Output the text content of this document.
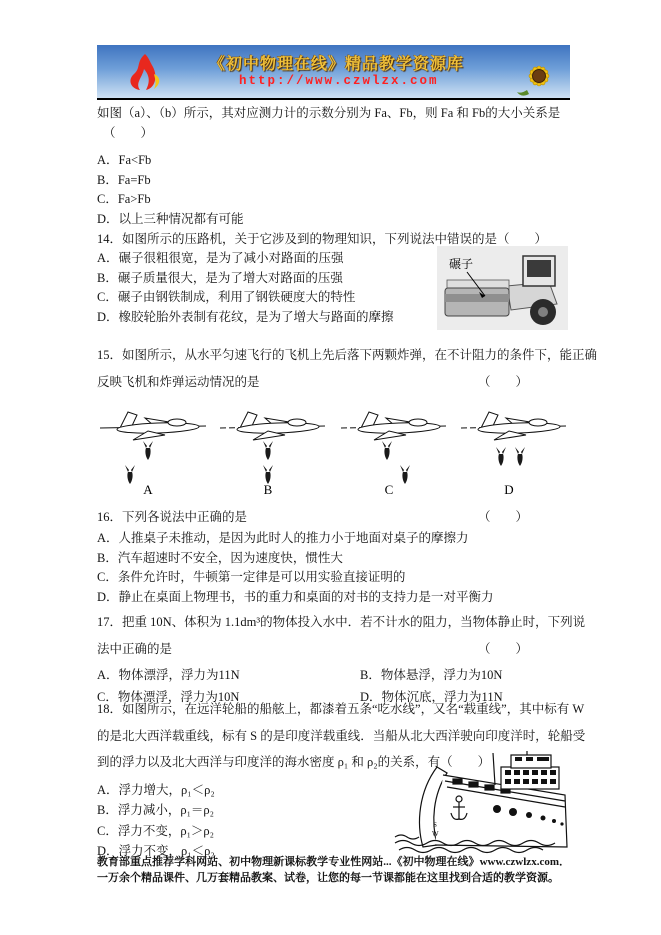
《初中物理在线》精品教学资源库
http://www.czwlzx.com
如图（a）、（b）所示，其对应测力计的示数分别为 Fa、Fb，则 Fa 和 Fb的大小关系是
（　　）
A．Fa<Fb
B．Fa=Fb
C．Fa>Fb
D．以上三种情况都有可能
14．如图所示的压路机，关于它涉及到的物理知识，下列说法中错误的是（　　）
A．碾子很粗很宽，是为了减小对路面的压强
B．碾子质量很大，是为了增大对路面的压强
C．碾子由钢铁制成，利用了钢铁硬度大的特性
D．橡胶轮胎外表制有花纹，是为了增大与路面的摩擦
碾子
15．如图所示，从水平匀速飞行的飞机上先后落下两颗炸弹，在不计阻力的条件下，能正确
反映飞机和炸弹运动情况的是	（　　）
A	B	C	D
16．下列各说法中正确的是	（　　）
A．人推桌子未推动，是因为此时人的推力小于地面对桌子的摩擦力
B．汽车超速时不安全，因为速度快，惯性大
C．条件允许时，牛顿第一定律是可以用实验直接证明的
D．静止在桌面上物理书，书的重力和桌面的对书的支持力是一对平衡力
17．把重 10N、体积为 1.1dm³的物体投入水中．若不计水的阻力，当物体静止时，下列说
法中正确的是	（　　）
A．物体漂浮，浮力为11N	B．物体悬浮，浮力为10N
C．物体漂浮，浮力为10N	D．物体沉底，浮力为11N
18．如图所示，在远洋轮船的船舷上，都漆着五条“吃水线”，又名“载重线”，其中标有 W
的是北大西洋载重线，标有 S 的是印度洋载重线．当船从北大西洋驶向印度洋时，轮船受
到的浮力以及北大西洋与印度洋的海水密度 ρ₁ 和 ρ₂的关系，有（　　）
A．浮力增大，ρ₁＜ρ₂
B．浮力减小，ρ₁＝ρ₂
C．浮力不变，ρ₁＞ρ₂
D．浮力不变，ρ₁＜ρ₂
S
W
教育部重点推荐学科网站、初中物理新课标教学专业性网站...《初中物理在线》www.czwlzx.com．一万余个精品课件、几万套精品教案、试卷，让您的每一节课都能在这里找到合适的教学资源。
